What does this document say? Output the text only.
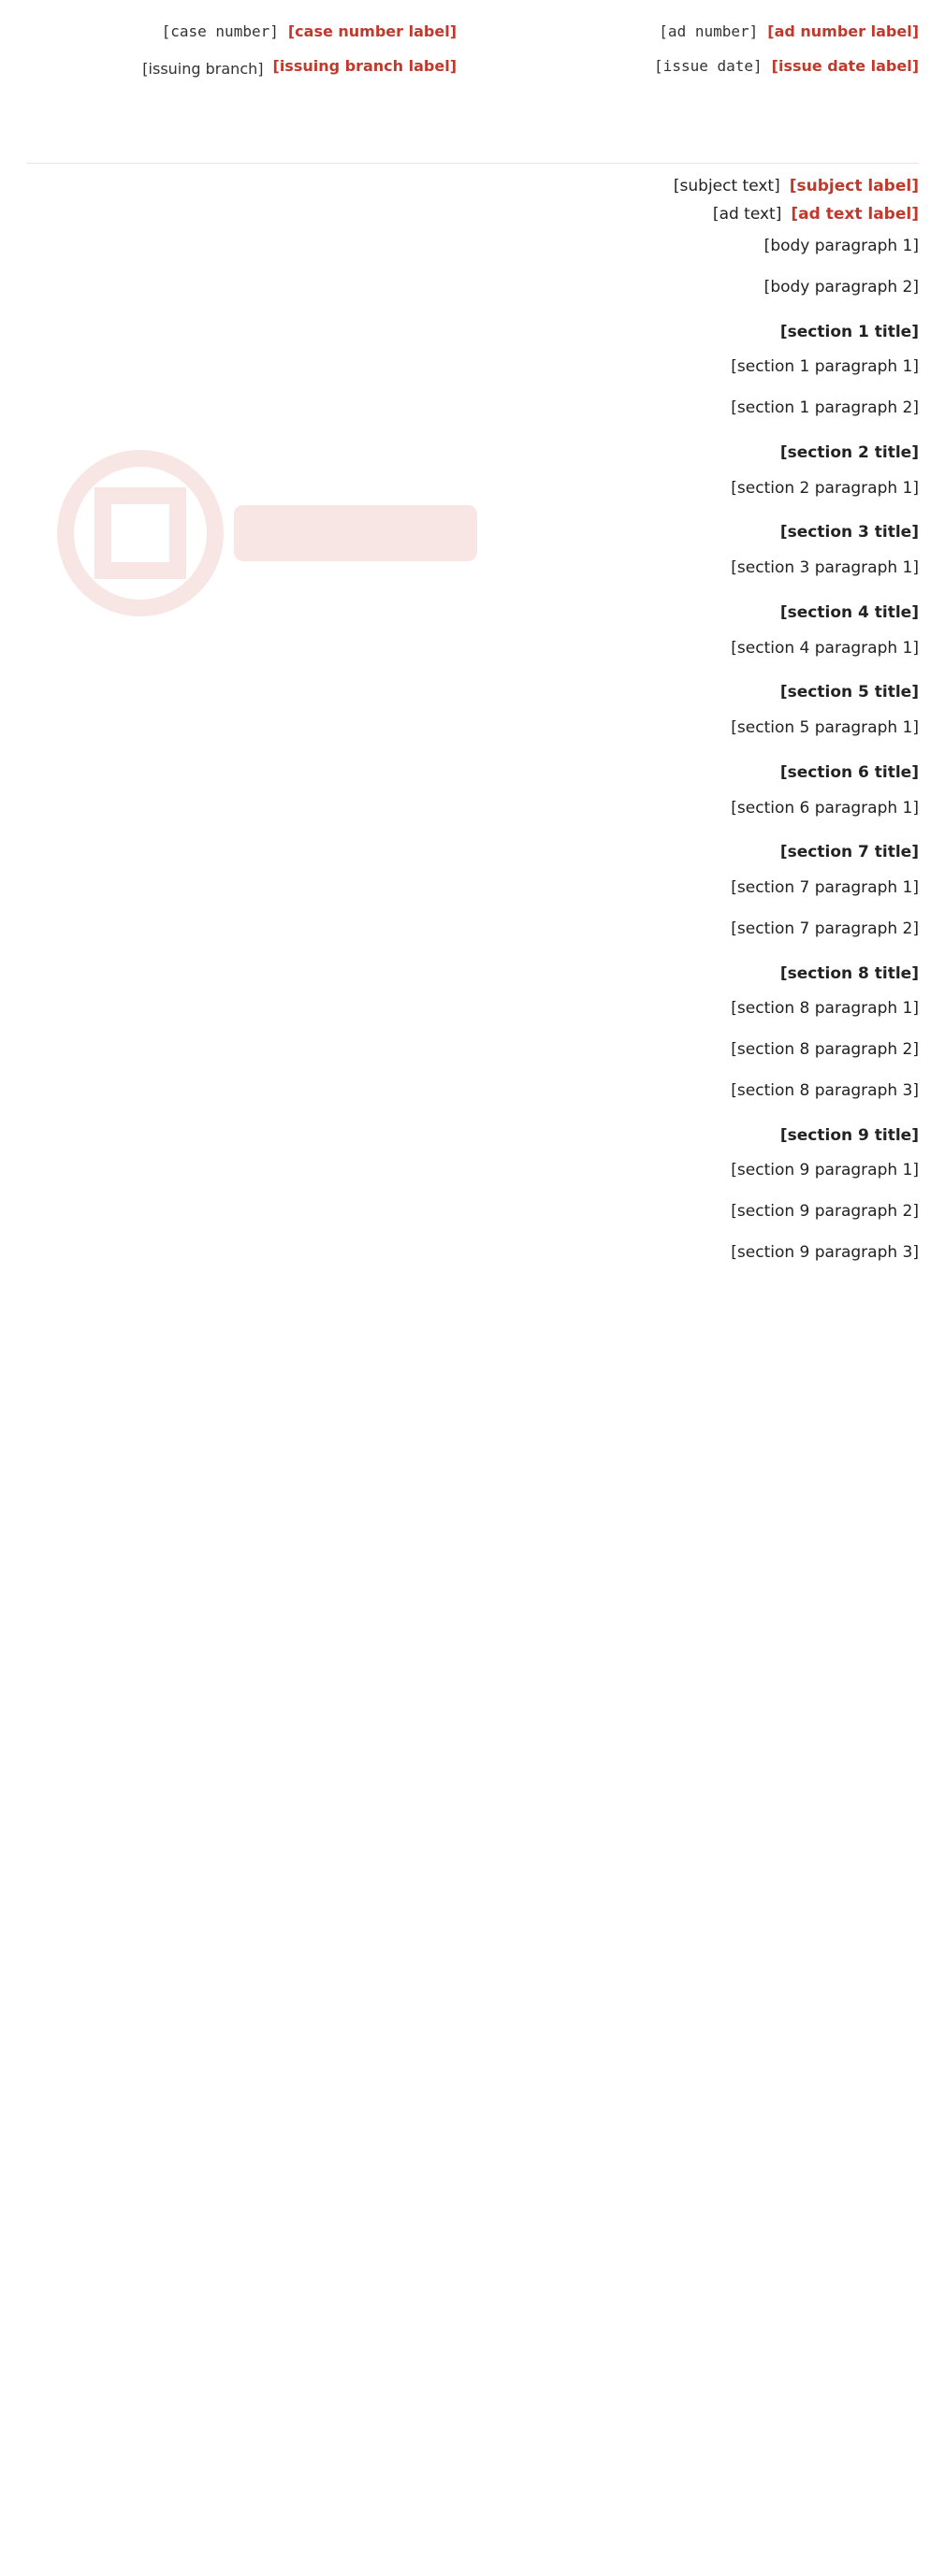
[ad number label]
[ad number]
[issue date label]
[issue date]
[case number label]
[case number]
[issuing branch label]
[issuing branch]
[subject label]
[subject text]
[ad text label]
[ad text]

[body paragraph 1]

[body paragraph 2]

[section 1 title]

[section 1 paragraph 1]

[section 1 paragraph 2]

[section 2 title]

[section 2 paragraph 1]

[section 3 title]

[section 3 paragraph 1]

[section 4 title]

[section 4 paragraph 1]

[section 5 title]

[section 5 paragraph 1]

[section 6 title]

[section 6 paragraph 1]

[section 7 title]

[section 7 paragraph 1]

[section 7 paragraph 2]

[section 8 title]

[section 8 paragraph 1]

[section 8 paragraph 2]

[section 8 paragraph 3]

[section 9 title]

[section 9 paragraph 1]

[section 9 paragraph 2]

[section 9 paragraph 3]
